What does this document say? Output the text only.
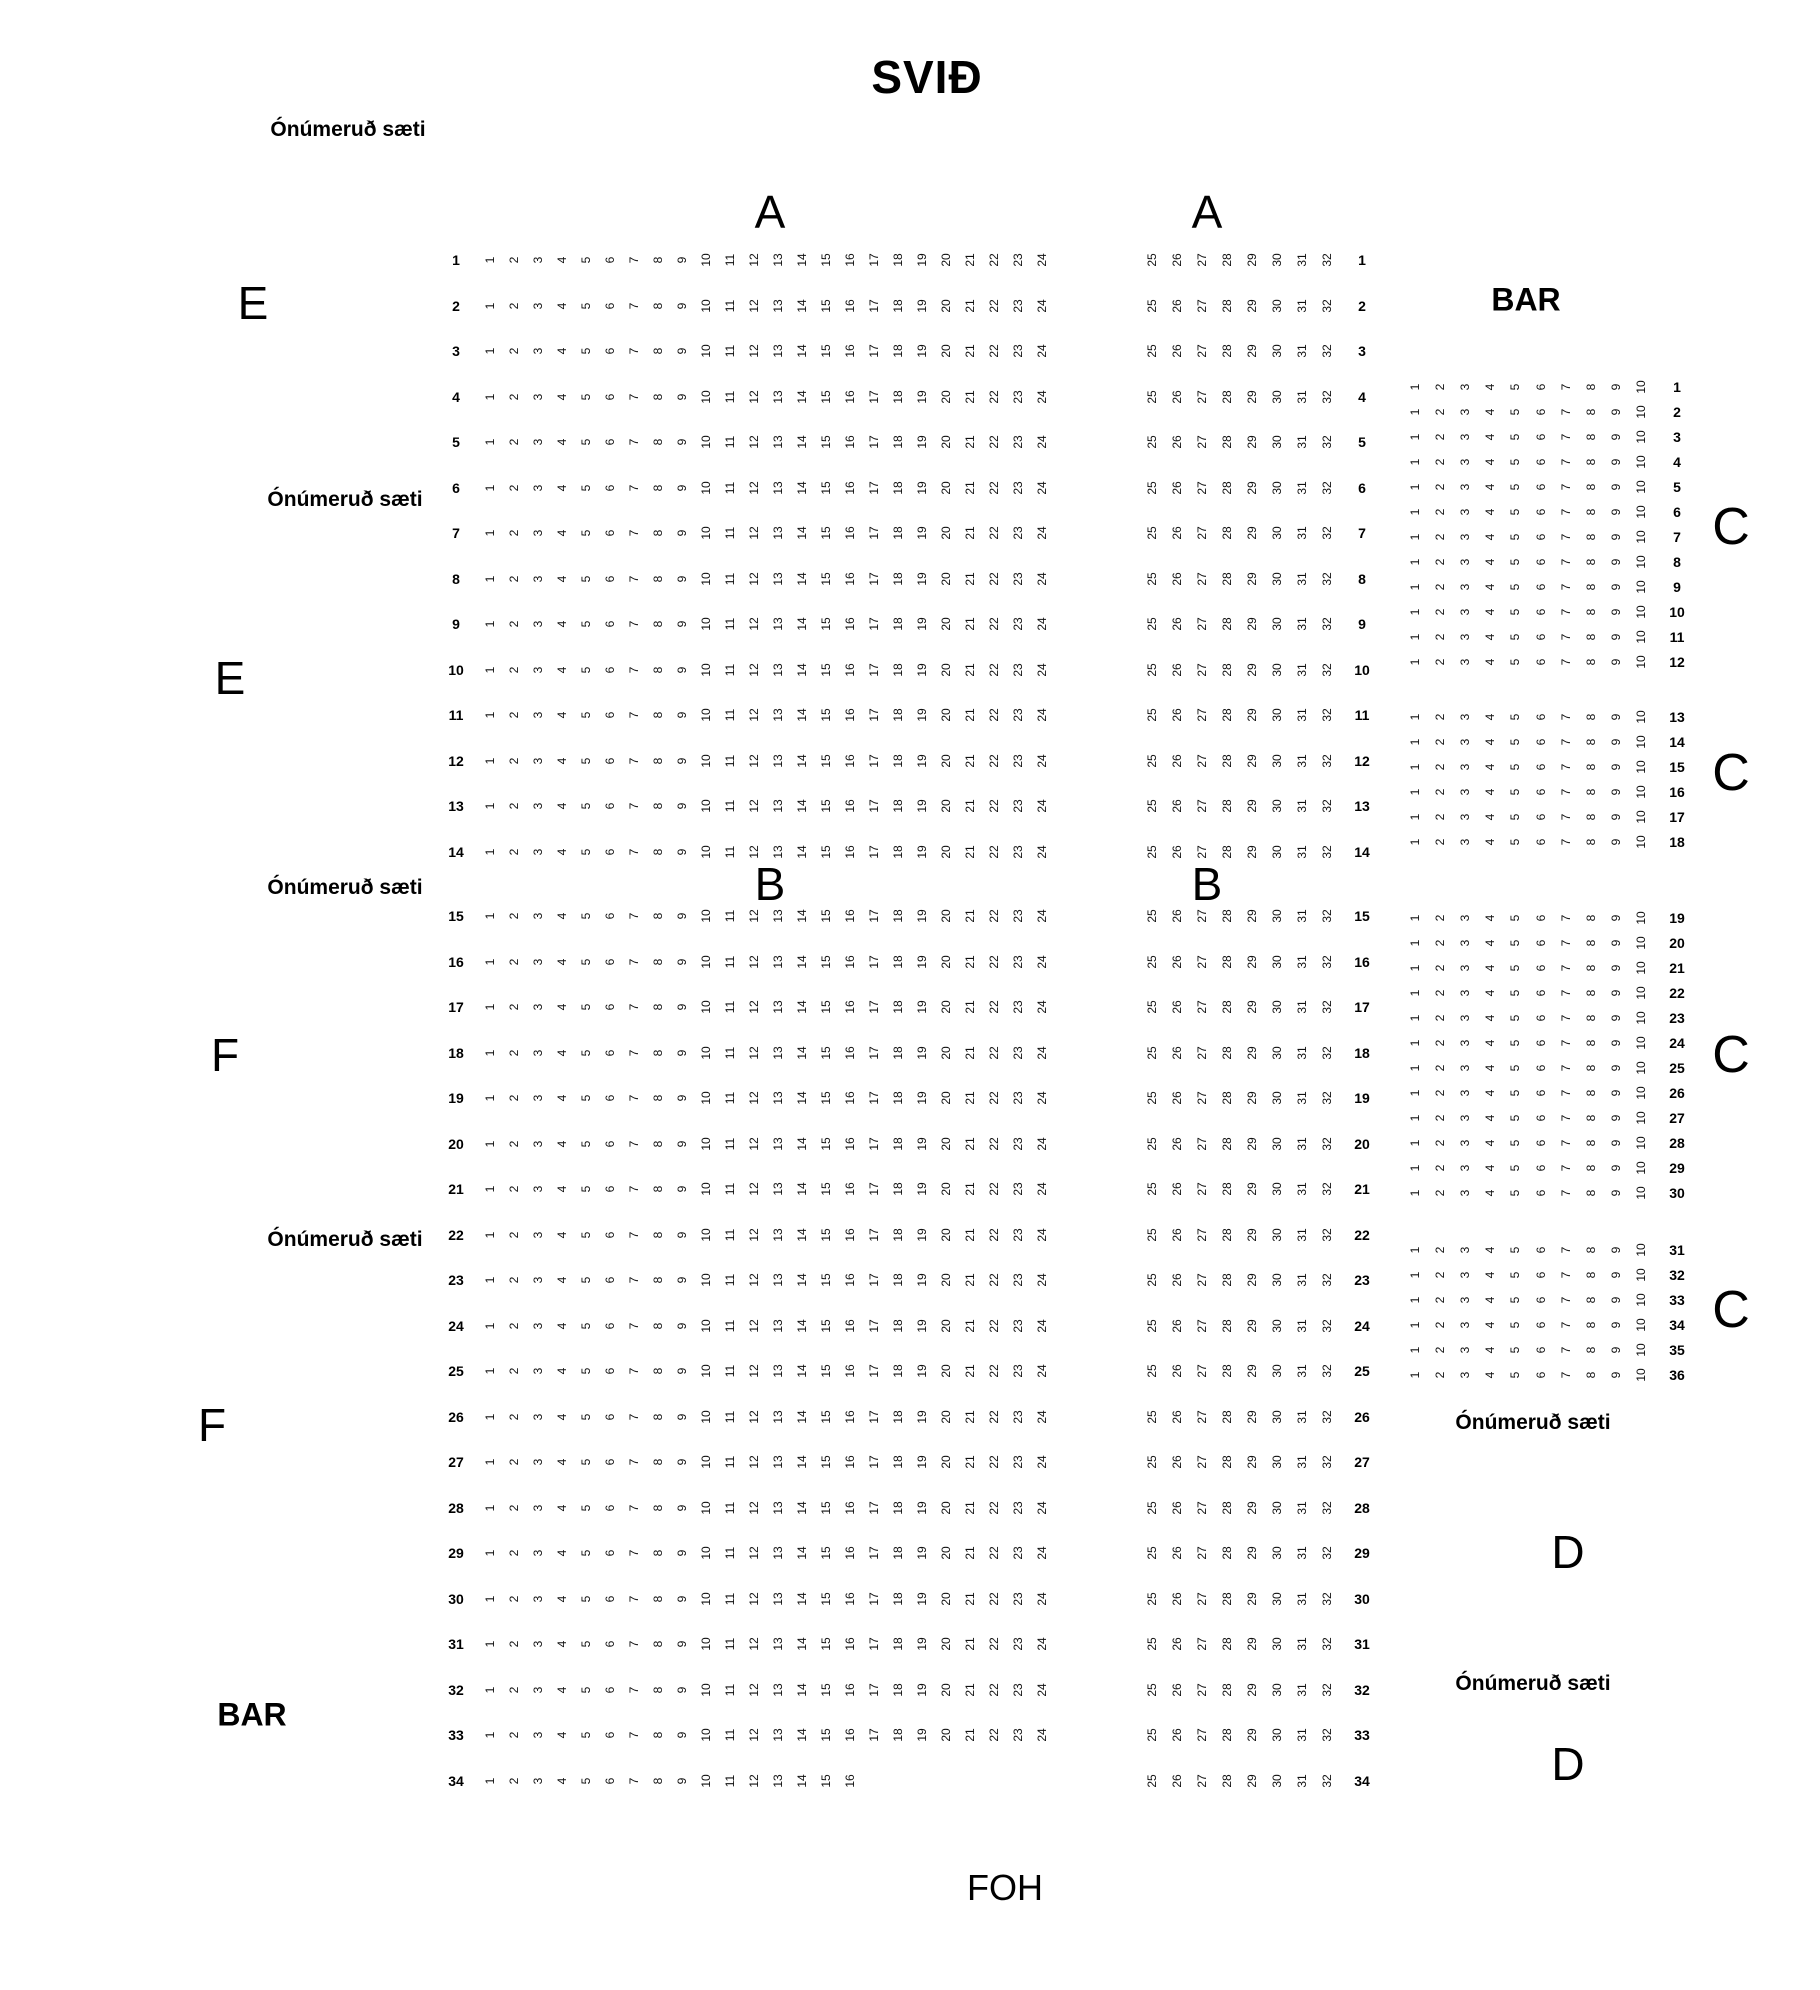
SVIÐ
Ónúmeruð sæti
Ónúmeruð sæti
Ónúmeruð sæti
Ónúmeruð sæti
Ónúmeruð sæti
Ónúmeruð sæti
A	A
B	B
C
C
C
C
D
D
E
E
F
F
BAR
BAR
FOH
1 1 2 3 4 5 6 7 8 9 10 11 12 13 14 15 16 17 18 19 20 21 22 23 24	25 26 27 28 29 30 31 32 1
2 1 2 3 4 5 6 7 8 9 10 11 12 13 14 15 16 17 18 19 20 21 22 23 24	25 26 27 28 29 30 31 32 2
3 1 2 3 4 5 6 7 8 9 10 11 12 13 14 15 16 17 18 19 20 21 22 23 24	25 26 27 28 29 30 31 32 3
4 1 2 3 4 5 6 7 8 9 10 11 12 13 14 15 16 17 18 19 20 21 22 23 24	25 26 27 28 29 30 31 32 4
5 1 2 3 4 5 6 7 8 9 10 11 12 13 14 15 16 17 18 19 20 21 22 23 24	25 26 27 28 29 30 31 32 5
6 1 2 3 4 5 6 7 8 9 10 11 12 13 14 15 16 17 18 19 20 21 22 23 24	25 26 27 28 29 30 31 32 6
7 1 2 3 4 5 6 7 8 9 10 11 12 13 14 15 16 17 18 19 20 21 22 23 24	25 26 27 28 29 30 31 32 7
8 1 2 3 4 5 6 7 8 9 10 11 12 13 14 15 16 17 18 19 20 21 22 23 24	25 26 27 28 29 30 31 32 8
9 1 2 3 4 5 6 7 8 9 10 11 12 13 14 15 16 17 18 19 20 21 22 23 24	25 26 27 28 29 30 31 32 9
10 1 2 3 4 5 6 7 8 9 10 11 12 13 14 15 16 17 18 19 20 21 22 23 24	25 26 27 28 29 30 31 32 10
11 1 2 3 4 5 6 7 8 9 10 11 12 13 14 15 16 17 18 19 20 21 22 23 24	25 26 27 28 29 30 31 32 11
12 1 2 3 4 5 6 7 8 9 10 11 12 13 14 15 16 17 18 19 20 21 22 23 24	25 26 27 28 29 30 31 32 12
13 1 2 3 4 5 6 7 8 9 10 11 12 13 14 15 16 17 18 19 20 21 22 23 24	25 26 27 28 29 30 31 32 13
14 1 2 3 4 5 6 7 8 9 10 11 12 13 14 15 16 17 18 19 20 21 22 23 24	25 26 27 28 29 30 31 32 14
15 1 2 3 4 5 6 7 8 9 10 11 12 13 14 15 16 17 18 19 20 21 22 23 24	25 26 27 28 29 30 31 32 15
16 1 2 3 4 5 6 7 8 9 10 11 12 13 14 15 16 17 18 19 20 21 22 23 24	25 26 27 28 29 30 31 32 16
17 1 2 3 4 5 6 7 8 9 10 11 12 13 14 15 16 17 18 19 20 21 22 23 24	25 26 27 28 29 30 31 32 17
18 1 2 3 4 5 6 7 8 9 10 11 12 13 14 15 16 17 18 19 20 21 22 23 24	25 26 27 28 29 30 31 32 18
19 1 2 3 4 5 6 7 8 9 10 11 12 13 14 15 16 17 18 19 20 21 22 23 24	25 26 27 28 29 30 31 32 19
20 1 2 3 4 5 6 7 8 9 10 11 12 13 14 15 16 17 18 19 20 21 22 23 24	25 26 27 28 29 30 31 32 20
21 1 2 3 4 5 6 7 8 9 10 11 12 13 14 15 16 17 18 19 20 21 22 23 24	25 26 27 28 29 30 31 32 21
22 1 2 3 4 5 6 7 8 9 10 11 12 13 14 15 16 17 18 19 20 21 22 23 24	25 26 27 28 29 30 31 32 22
23 1 2 3 4 5 6 7 8 9 10 11 12 13 14 15 16 17 18 19 20 21 22 23 24	25 26 27 28 29 30 31 32 23
24 1 2 3 4 5 6 7 8 9 10 11 12 13 14 15 16 17 18 19 20 21 22 23 24	25 26 27 28 29 30 31 32 24
25 1 2 3 4 5 6 7 8 9 10 11 12 13 14 15 16 17 18 19 20 21 22 23 24	25 26 27 28 29 30 31 32 25
26 1 2 3 4 5 6 7 8 9 10 11 12 13 14 15 16 17 18 19 20 21 22 23 24	25 26 27 28 29 30 31 32 26
27 1 2 3 4 5 6 7 8 9 10 11 12 13 14 15 16 17 18 19 20 21 22 23 24	25 26 27 28 29 30 31 32 27
28 1 2 3 4 5 6 7 8 9 10 11 12 13 14 15 16 17 18 19 20 21 22 23 24	25 26 27 28 29 30 31 32 28
29 1 2 3 4 5 6 7 8 9 10 11 12 13 14 15 16 17 18 19 20 21 22 23 24	25 26 27 28 29 30 31 32 29
30 1 2 3 4 5 6 7 8 9 10 11 12 13 14 15 16 17 18 19 20 21 22 23 24	25 26 27 28 29 30 31 32 30
31 1 2 3 4 5 6 7 8 9 10 11 12 13 14 15 16 17 18 19 20 21 22 23 24	25 26 27 28 29 30 31 32 31
32 1 2 3 4 5 6 7 8 9 10 11 12 13 14 15 16 17 18 19 20 21 22 23 24	25 26 27 28 29 30 31 32 32
33 1 2 3 4 5 6 7 8 9 10 11 12 13 14 15 16 17 18 19 20 21 22 23 24	25 26 27 28 29 30 31 32 33
34 1 2 3 4 5 6 7 8 9 10 11 12 13 14 15 16	25 26 27 28 29 30 31 32 34
1 2 3 4 5 6 7 8 9 10 1
1 2 3 4 5 6 7 8 9 10 2
1 2 3 4 5 6 7 8 9 10 3
1 2 3 4 5 6 7 8 9 10 4
1 2 3 4 5 6 7 8 9 10 5
1 2 3 4 5 6 7 8 9 10 6
1 2 3 4 5 6 7 8 9 10 7
1 2 3 4 5 6 7 8 9 10 8
1 2 3 4 5 6 7 8 9 10 9
1 2 3 4 5 6 7 8 9 10 10
1 2 3 4 5 6 7 8 9 10 11
1 2 3 4 5 6 7 8 9 10 12
1 2 3 4 5 6 7 8 9 10 13
1 2 3 4 5 6 7 8 9 10 14
1 2 3 4 5 6 7 8 9 10 15
1 2 3 4 5 6 7 8 9 10 16
1 2 3 4 5 6 7 8 9 10 17
1 2 3 4 5 6 7 8 9 10 18
1 2 3 4 5 6 7 8 9 10 19
1 2 3 4 5 6 7 8 9 10 20
1 2 3 4 5 6 7 8 9 10 21
1 2 3 4 5 6 7 8 9 10 22
1 2 3 4 5 6 7 8 9 10 23
1 2 3 4 5 6 7 8 9 10 24
1 2 3 4 5 6 7 8 9 10 25
1 2 3 4 5 6 7 8 9 10 26
1 2 3 4 5 6 7 8 9 10 27
1 2 3 4 5 6 7 8 9 10 28
1 2 3 4 5 6 7 8 9 10 29
1 2 3 4 5 6 7 8 9 10 30
1 2 3 4 5 6 7 8 9 10 31
1 2 3 4 5 6 7 8 9 10 32
1 2 3 4 5 6 7 8 9 10 33
1 2 3 4 5 6 7 8 9 10 34
1 2 3 4 5 6 7 8 9 10 35
1 2 3 4 5 6 7 8 9 10 36
